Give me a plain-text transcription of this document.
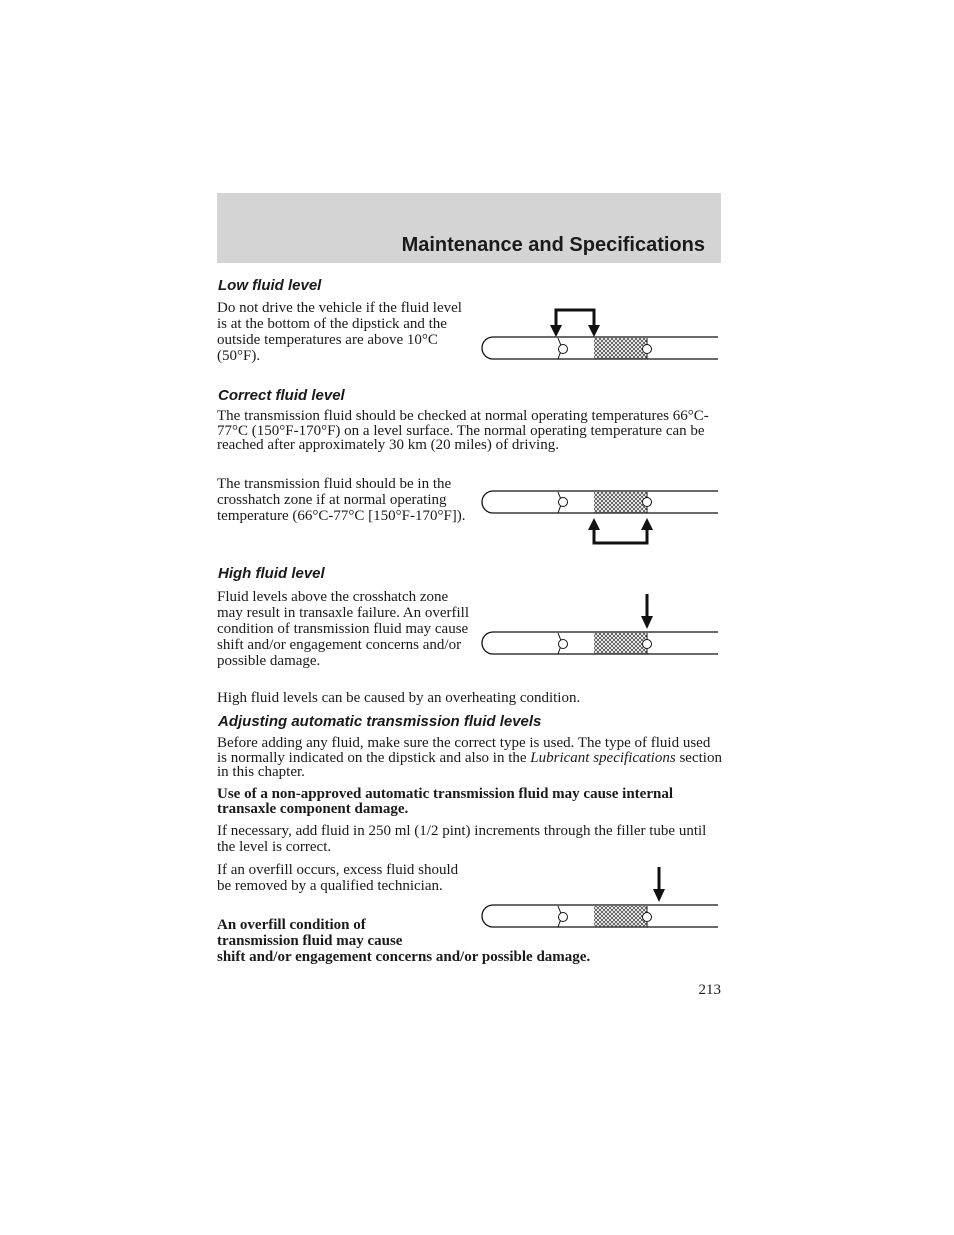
Maintenance and Specifications
Low fluid level
Do not drive the vehicle if the fluid level is at the bottom of the dipstick and the outside temperatures are above 10°C (50°F).
Correct fluid level
The transmission fluid should be checked at normal operating temperatures 66°C-77°C (150°F-170°F) on a level surface. The normal operating temperature can be reached after approximately 30 km (20 miles) of driving.
The transmission fluid should be in the crosshatch zone if at normal operating temperature (66°C-77°C [150°F-170°F]).
High fluid level
Fluid levels above the crosshatch zone may result in transaxle failure. An overfill condition of transmission fluid may cause shift and/or engagement concerns and/or possible damage.
High fluid levels can be caused by an overheating condition.
Adjusting automatic transmission fluid levels
Before adding any fluid, make sure the correct type is used. The type of fluid used is normally indicated on the dipstick and also in the Lubricant specifications section in this chapter.
Use of a non-approved automatic transmission fluid may cause internal transaxle component damage.
If necessary, add fluid in 250 ml (1/2 pint) increments through the filler tube until the level is correct.
If an overfill occurs, excess fluid should be removed by a qualified technician.
An overfill condition of
transmission fluid may cause
shift and/or engagement concerns and/or possible damage.
213
